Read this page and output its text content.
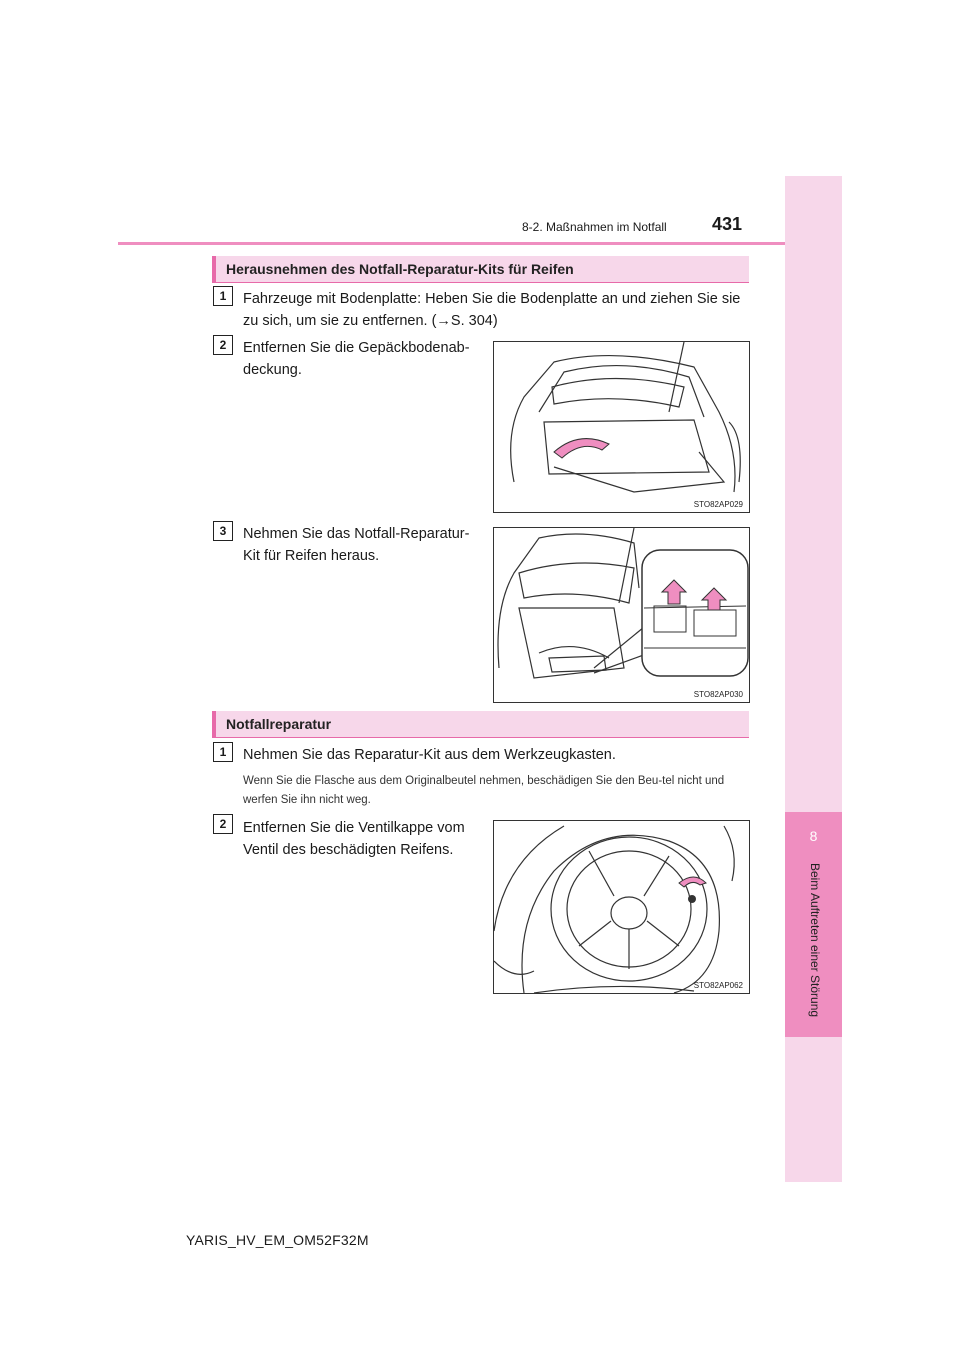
8
Beim Auftreten einer Störung
8-2. Maßnahmen im Notfall	431
Herausnehmen des Notfall-Reparatur-Kits für Reifen
1	Fahrzeuge mit Bodenplatte: Heben Sie die Bodenplatte an und ziehen Sie sie zu sich, um sie zu entfernen. (→S. 304)
2	Entfernen Sie die Gepäckbodenab-deckung.
STO82AP029
3	Nehmen Sie das Notfall-Reparatur-Kit für Reifen heraus.
STO82AP030
Notfallreparatur
1	Nehmen Sie das Reparatur-Kit aus dem Werkzeugkasten.
Wenn Sie die Flasche aus dem Originalbeutel nehmen, beschädigen Sie den Beu-tel nicht und werfen Sie ihn nicht weg.
2	Entfernen Sie die Ventilkappe vom Ventil des beschädigten Reifens.
STO82AP062
YARIS_HV_EM_OM52F32M
